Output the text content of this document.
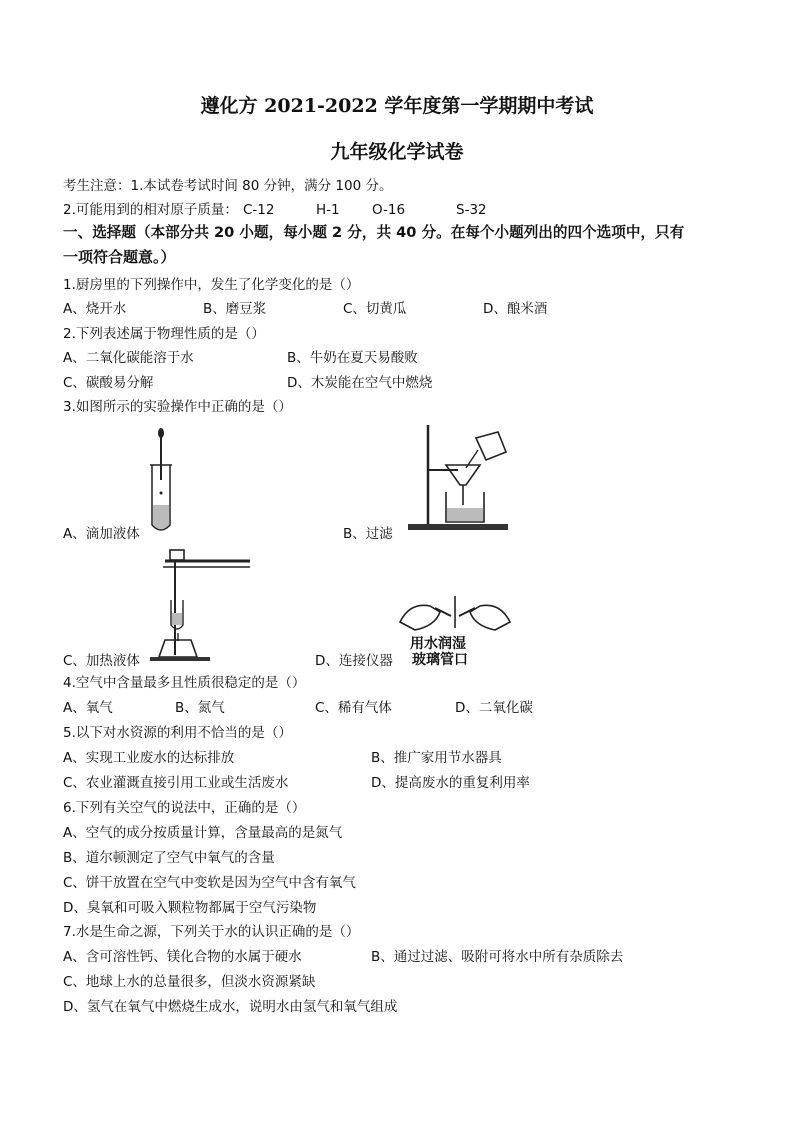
遵化方 2021-2022 学年度第一学期期中考试
九年级化学试卷
考生注意：1.本试卷考试时间 80 分钟，满分 100 分。
2.可能用到的相对原子质量： C-12	H-1 O-16	S-32
一、选择题（本部分共 20 小题，每小题 2 分，共 40 分。在每个小题列出的四个选项中，只有
一项符合题意。）
1.厨房里的下列操作中，发生了化学变化的是（）
A、烧开水	B、磨豆浆	C、切黄瓜	D、酿米酒
2.下列表述属于物理性质的是（）
A、二氧化碳能溶于水	B、牛奶在夏天易酸败
C、碳酸易分解	D、木炭能在空气中燃烧
3.如图所示的实验操作中正确的是（）
A、滴加液体	B、过滤
C、加热液体
用水润湿
玻璃管口
D、连接仪器
4.空气中含量最多且性质很稳定的是（）
A、氧气	B、氮气	C、稀有气体	D、二氧化碳
5.以下对水资源的利用不恰当的是（）
A、实现工业废水的达标排放	B、推广家用节水器具
C、农业灌溉直接引用工业或生活废水	D、提高废水的重复利用率
6.下列有关空气的说法中，正确的是（）
A、空气的成分按质量计算，含量最高的是氮气
B、道尔顿测定了空气中氧气的含量
C、饼干放置在空气中变软是因为空气中含有氧气
D、臭氧和可吸入颗粒物都属于空气污染物
7.水是生命之源，下列关于水的认识正确的是（）
A、含可溶性钙、镁化合物的水属于硬水	B、通过过滤、吸附可将水中所有杂质除去
C、地球上水的总量很多，但淡水资源紧缺
D、氢气在氧气中燃烧生成水，说明水由氢气和氧气组成
